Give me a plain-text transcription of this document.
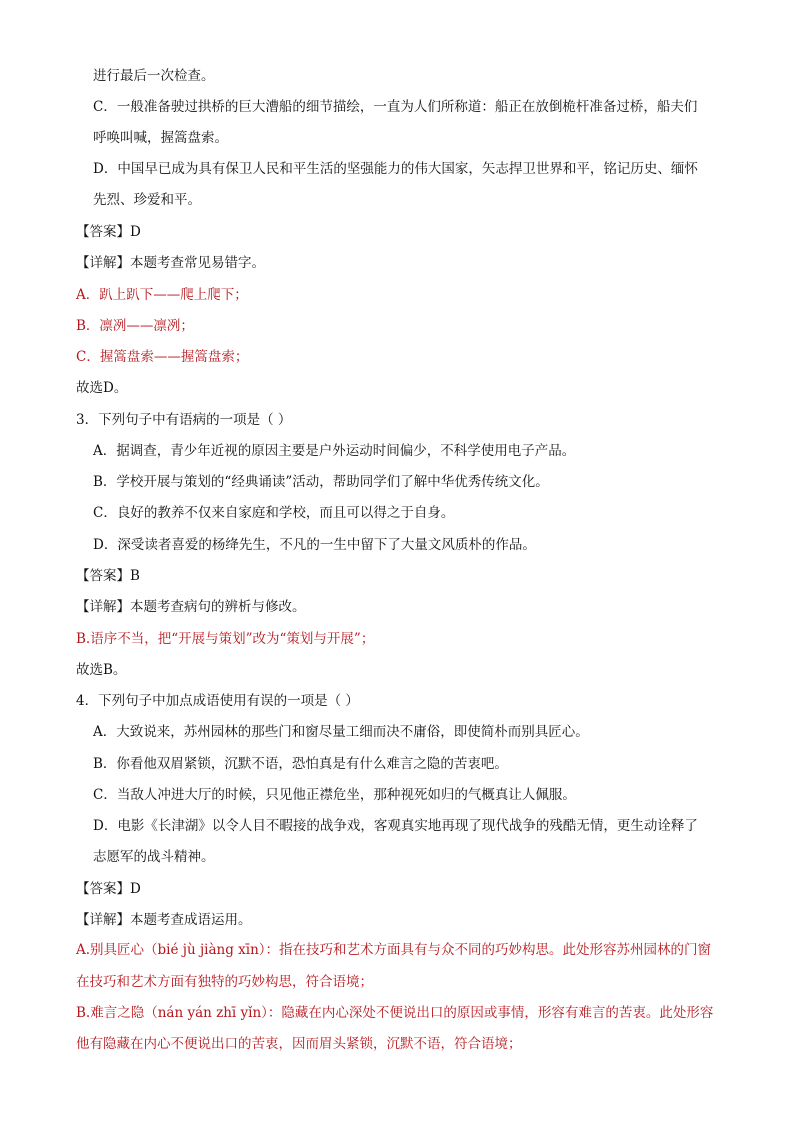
进行最后一次检查。
C．一般准备驶过拱桥的巨大漕船的细节描绘，一直为人们所称道：船正在放倒桅杆准备过桥，船夫们
呼唤叫喊，握篙盘索。
D．中国早已成为具有保卫人民和平生活的坚强能力的伟大国家，矢志捍卫世界和平，铭记历史、缅怀
先烈、珍爱和平。
【答案】D
【详解】本题考查常见易错字。
A．趴上趴下——爬上爬下；
B．凛冽——凛冽；
C．握篙盘索——握篙盘索；
故选D。
3．下列句子中有语病的一项是（ ）
A．据调查，青少年近视的原因主要是户外运动时间偏少，不科学使用电子产品。
B．学校开展与策划的“经典诵读”活动，帮助同学们了解中华优秀传统文化。
C．良好的教养不仅来自家庭和学校，而且可以得之于自身。
D．深受读者喜爱的杨绛先生，不凡的一生中留下了大量文风质朴的作品。
【答案】B
【详解】本题考查病句的辨析与修改。
B.语序不当，把“开展与策划”改为“策划与开展”；
故选B。
4．下列句子中加点成语使用有误的一项是（ ）
A．大致说来，苏州园林的那些门和窗尽量工细而决不庸俗，即使简朴而别具匠心。
B．你看他双眉紧锁，沉默不语，恐怕真是有什么难言之隐的苦衷吧。
C．当敌人冲进大厅的时候，只见他正襟危坐，那种视死如归的气概真让人佩服。
D．电影《长津湖》以令人目不暇接的战争戏，客观真实地再现了现代战争的残酷无情，更生动诠释了
志愿军的战斗精神。
【答案】D
【详解】本题考查成语运用。
A.别具匠心（bié jù jiàng xīn）：指在技巧和艺术方面具有与众不同的巧妙构思。此处形容苏州园林的门窗
在技巧和艺术方面有独特的巧妙构思，符合语境；
B.难言之隐（nán yán zhī yǐn）：隐藏在内心深处不便说出口的原因或事情，形容有难言的苦衷。此处形容
他有隐藏在内心不便说出口的苦衷，因而眉头紧锁，沉默不语，符合语境；
